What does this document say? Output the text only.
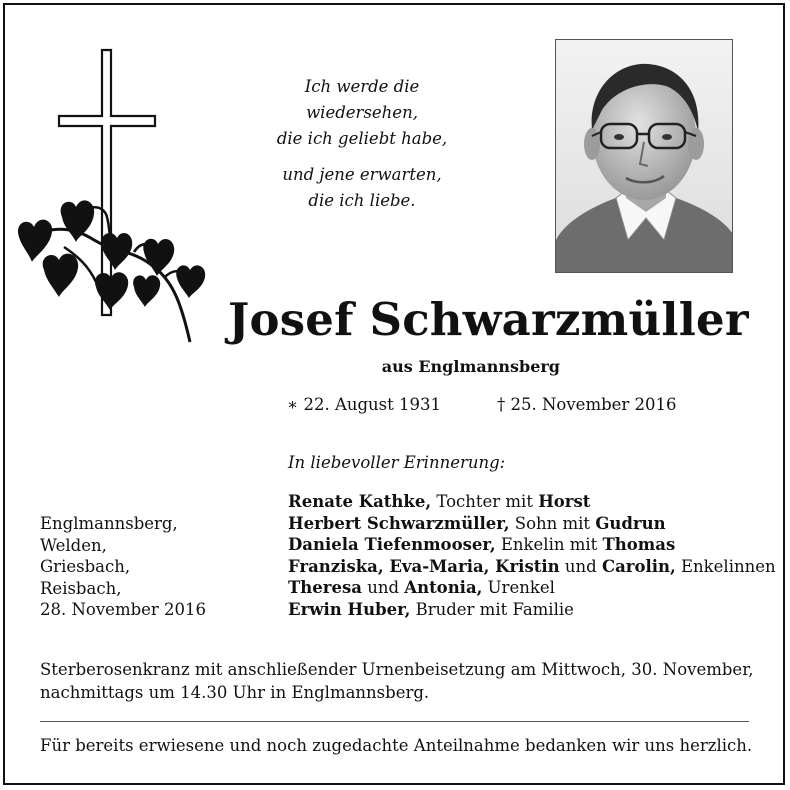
Ich werde die
wiedersehen,
die ich geliebt habe,
und jene erwarten,
die ich liebe.
Josef Schwarzmüller
aus Englmannsberg
∗ 22. August 1931	† 25. November 2016
In liebevoller Erinnerung:
Englmannsberg,
Welden,
Griesbach,
Reisbach,
28. November 2016
Renate Kathke, Tochter mit Horst
Herbert Schwarzmüller, Sohn mit Gudrun
Daniela Tiefenmooser, Enkelin mit Thomas
Franziska, Eva-Maria, Kristin und Carolin, Enkelinnen
Theresa und Antonia, Urenkel
Erwin Huber, Bruder mit Familie
Sterberosenkranz mit anschließender Urnenbeisetzung am Mittwoch, 30. November, nachmittags um 14.30 Uhr in Englmannsberg.
Für bereits erwiesene und noch zugedachte Anteilnahme bedanken wir uns herzlich.
